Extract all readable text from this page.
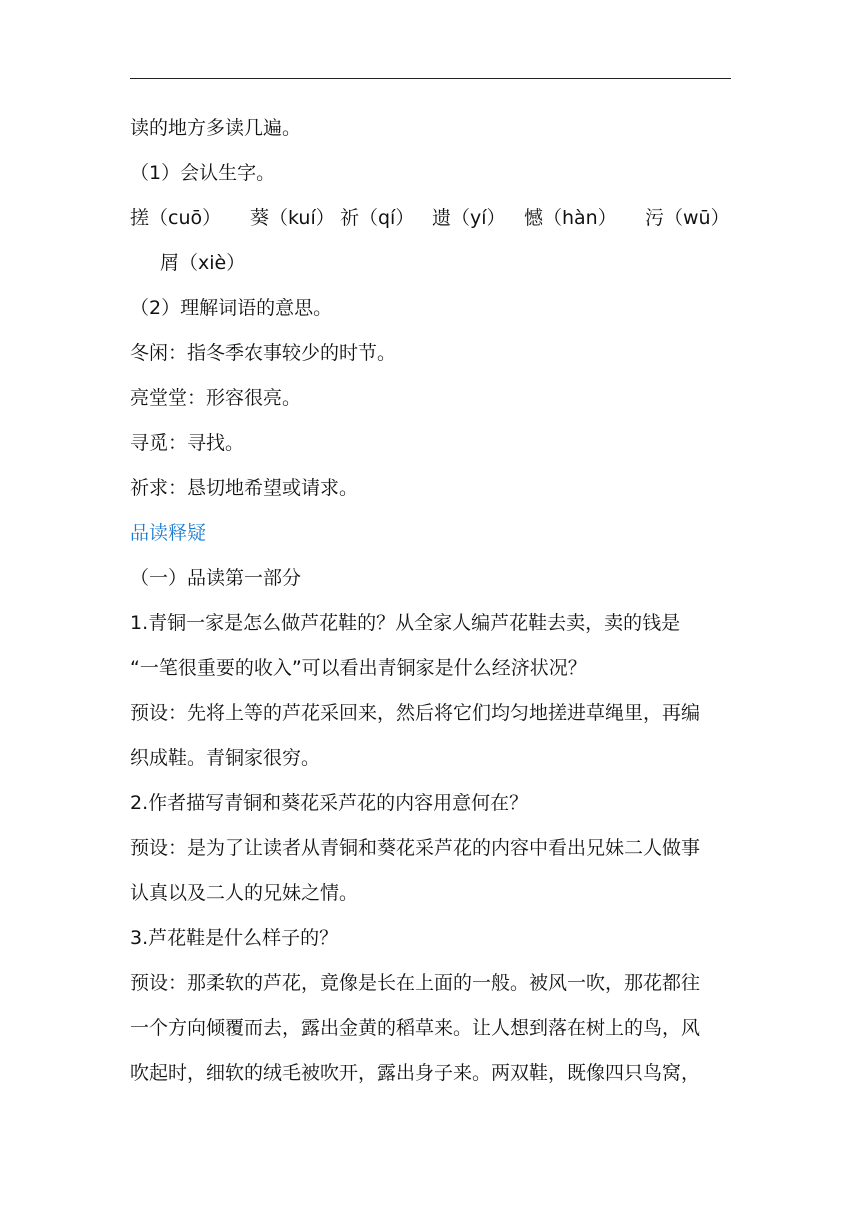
读的地方多读几遍。
（1）会认生字。
搓（cuō） 葵（kuí） 祈（qí） 遗（yí） 憾（hàn） 污（wū）
屑（xiè）
（2）理解词语的意思。
冬闲：指冬季农事较少的时节。
亮堂堂：形容很亮。
寻觅：寻找。
祈求：恳切地希望或请求。
品读释疑
（一）品读第一部分
1.青铜一家是怎么做芦花鞋的？从全家人编芦花鞋去卖，卖的钱是
“一笔很重要的收入”可以看出青铜家是什么经济状况？
预设：先将上等的芦花采回来，然后将它们均匀地搓进草绳里，再编
织成鞋。青铜家很穷。
2.作者描写青铜和葵花采芦花的内容用意何在？
预设：是为了让读者从青铜和葵花采芦花的内容中看出兄妹二人做事
认真以及二人的兄妹之情。
3.芦花鞋是什么样子的？
预设：那柔软的芦花，竟像是长在上面的一般。被风一吹，那花都往
一个方向倾覆而去，露出金黄的稻草来。让人想到落在树上的鸟，风
吹起时，细软的绒毛被吹开，露出身子来。两双鞋，既像四只鸟窝，
